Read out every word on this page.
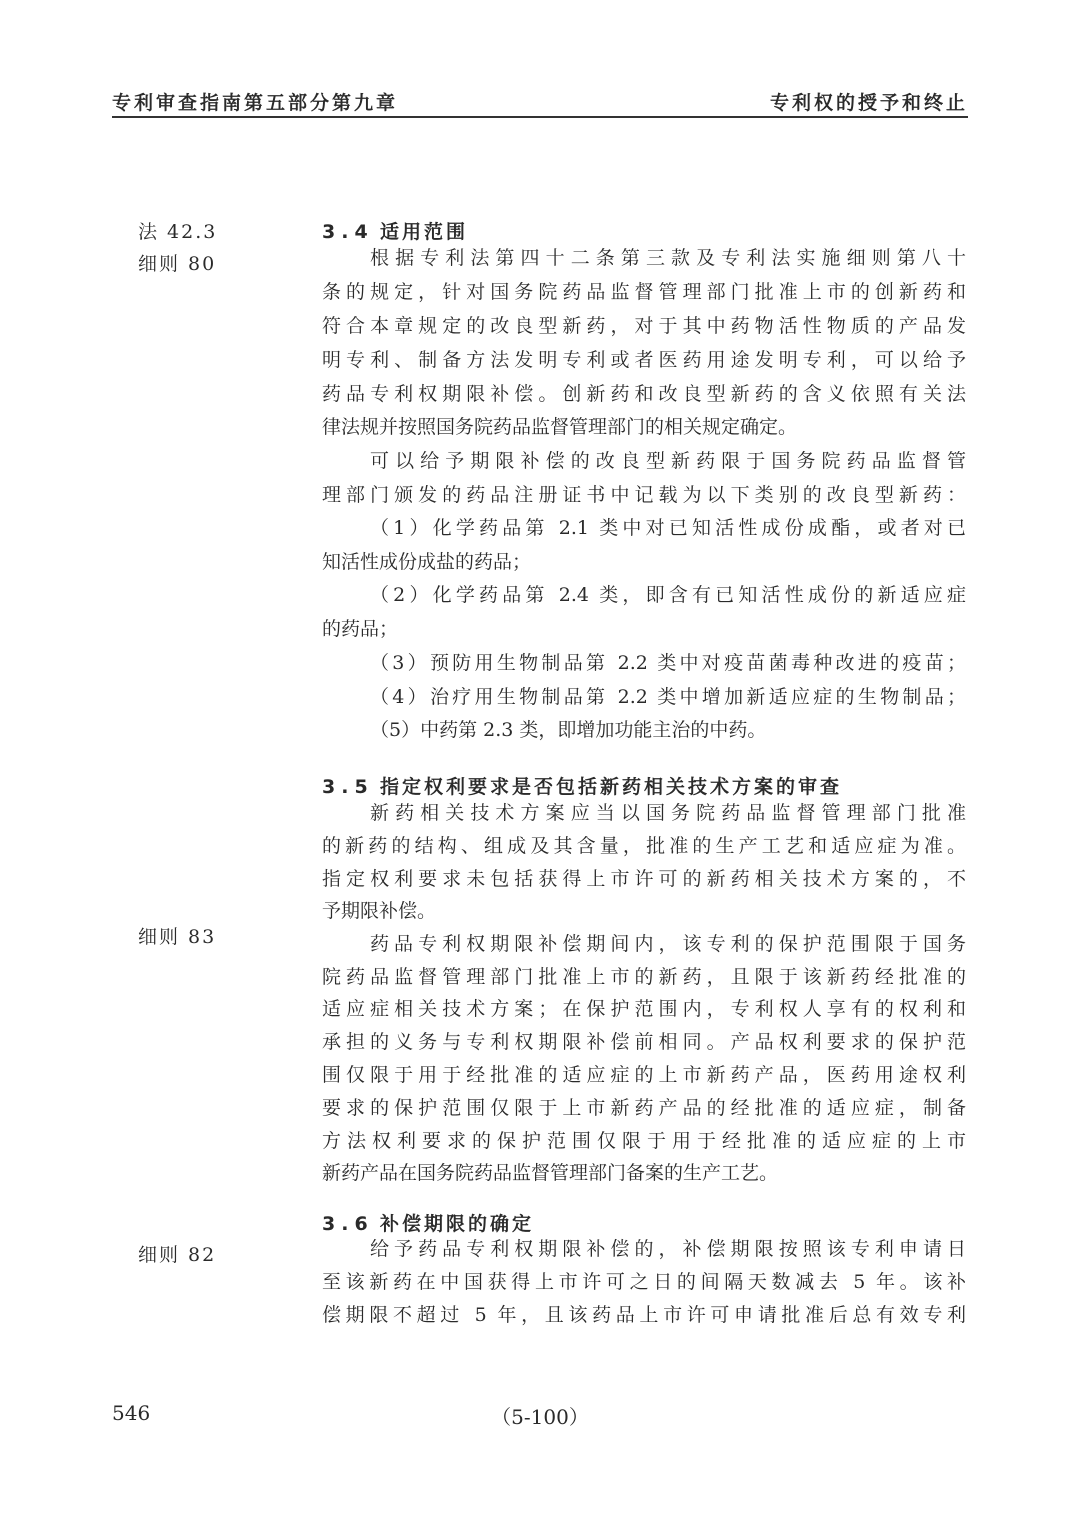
专利审查指南第五部分第九章	专利权的授予和终止
法 42.3
细则 80
细则 83
细则 82
3.4 适用范围
根据专利法第四十二条第三款及专利法实施细则第八十
条的规定，针对国务院药品监督管理部门批准上市的创新药和
符合本章规定的改良型新药，对于其中药物活性物质的产品发
明专利、制备方法发明专利或者医药用途发明专利，可以给予
药品专利权期限补偿。创新药和改良型新药的含义依照有关法
律法规并按照国务院药品监督管理部门的相关规定确定。
可以给予期限补偿的改良型新药限于国务院药品监督管
理部门颁发的药品注册证书中记载为以下类别的改良型新药：
（1）化学药品第 2.1 类中对已知活性成份成酯，或者对已
知活性成份成盐的药品；
（2）化学药品第 2.4 类，即含有已知活性成份的新适应症
的药品；
（3）预防用生物制品第 2.2 类中对疫苗菌毒种改进的疫苗；
（4）治疗用生物制品第 2.2 类中增加新适应症的生物制品；
（5）中药第 2.3 类，即增加功能主治的中药。
3.5 指定权利要求是否包括新药相关技术方案的审查
新药相关技术方案应当以国务院药品监督管理部门批准
的新药的结构、组成及其含量，批准的生产工艺和适应症为准。
指定权利要求未包括获得上市许可的新药相关技术方案的，不
予期限补偿。
药品专利权期限补偿期间内，该专利的保护范围限于国务
院药品监督管理部门批准上市的新药，且限于该新药经批准的
适应症相关技术方案；在保护范围内，专利权人享有的权利和
承担的义务与专利权期限补偿前相同。产品权利要求的保护范
围仅限于用于经批准的适应症的上市新药产品，医药用途权利
要求的保护范围仅限于上市新药产品的经批准的适应症，制备
方法权利要求的保护范围仅限于用于经批准的适应症的上市
新药产品在国务院药品监督管理部门备案的生产工艺。
3.6 补偿期限的确定
给予药品专利权期限补偿的，补偿期限按照该专利申请日
至该新药在中国获得上市许可之日的间隔天数减去 5 年。该补
偿期限不超过 5 年，且该药品上市许可申请批准后总有效专利
546	（5-100）
